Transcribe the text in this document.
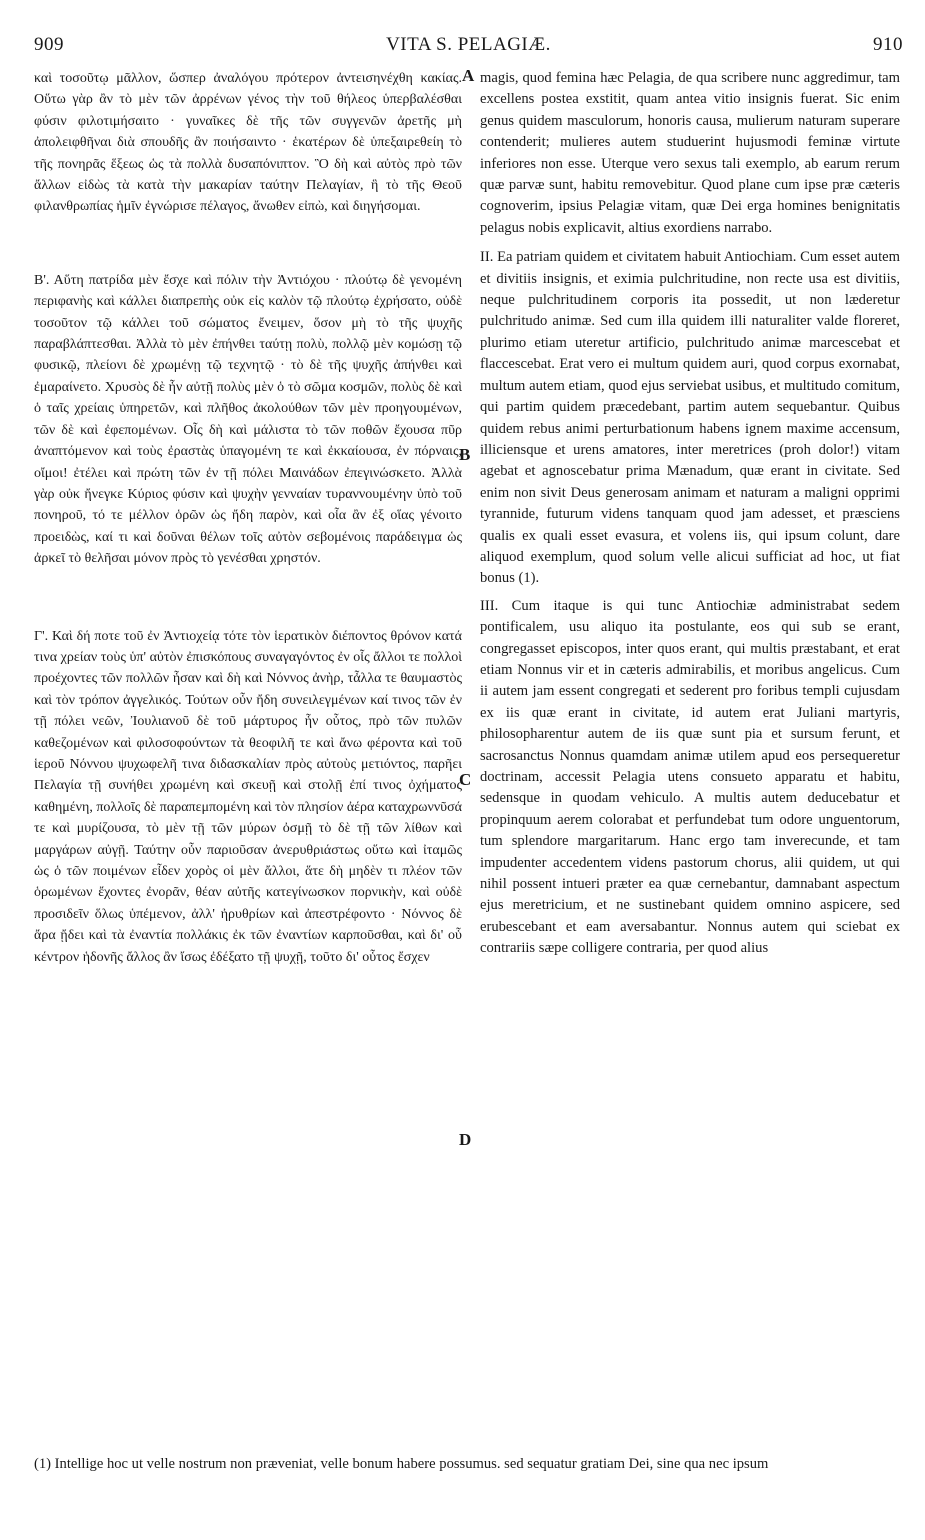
909	VITA S. PELAGIÆ.	910

καὶ τοσοῦτῳ μᾶλλον, ὥσπερ ἀναλόγου πρότερον ἀντεισηνέχθη κακίας. Οὕτω γὰρ ἂν τὸ μὲν τῶν ἀρρένων γένος τὴν τοῦ θήλεος ὑπερβαλέσθαι φύσιν φιλοτιμήσαιτο · γυναῖκες δὲ τῆς τῶν συγγενῶν ἀρετῆς μὴ ἀπολειφθῆναι διὰ σπουδῆς ἂν ποιήσαιντο · ἑκατέρων δὲ ὑπεξαιρεθείη τὸ τῆς πονηρᾶς ἕξεως ὡς τὰ πολλὰ δυσαπόνιπτον. Ὃ δὴ καὶ αὐτὸς πρὸ τῶν ἄλλων εἰδὼς τὰ κατὰ τὴν μακαρίαν ταύτην Πελαγίαν, ἣ τὸ τῆς Θεοῦ φιλανθρωπίας ἡμῖν ἐγνώρισε πέλαγος, ἄνωθεν εἰπὼ, καὶ διηγήσομαι.

Β'. Αὕτη πατρίδα μὲν ἔσχε καὶ πόλιν τὴν Ἀντιόχου · πλούτῳ δὲ γενομένη περιφανὴς καὶ κάλλει διαπρεπὴς οὐκ εἰς καλὸν τῷ πλούτῳ ἐχρήσατο, οὐδὲ τοσοῦτον τῷ κάλλει τοῦ σώματος ἔνειμεν, ὅσον μὴ τὸ τῆς ψυχῆς παραβλάπτεσθαι. Ἀλλὰ τὸ μὲν ἐπήνθει ταύτῃ πολὺ, πολλῷ μὲν κομώσῃ τῷ φυσικῷ, πλείονι δὲ χρωμένῃ τῷ τεχνητῷ · τὸ δὲ τῆς ψυχῆς ἀπήνθει καὶ ἐμαραίνετο. Χρυσὸς δὲ ἦν αὐτῇ πολὺς μὲν ὁ τὸ σῶμα κοσμῶν, πολὺς δὲ καὶ ὁ ταῖς χρείαις ὑπηρετῶν, καὶ πλῆθος ἀκολούθων τῶν μὲν προηγουμένων, τῶν δὲ καὶ ἐφεπομένων. Οἷς δὴ καὶ μάλιστα τὸ τῶν ποθῶν ἔχουσα πῦρ ἀναπτόμενον καὶ τοὺς ἐραστὰς ὑπαγομένη τε καὶ ἐκκαίουσα, ἐν πόρναις, οἴμοι! ἐτέλει καὶ πρώτη τῶν ἐν τῇ πόλει Μαινάδων ἐπεγινώσκετο. Ἀλλὰ γὰρ οὐκ ἤνεγκε Κύριος φύσιν καὶ ψυχὴν γενναίαν τυραννουμένην ὑπὸ τοῦ πονηροῦ, τό τε μέλλον ὁρῶν ὡς ἤδη παρὸν, καὶ οἷα ἂν ἐξ οἵας γένοιτο προειδὼς, καί τι καὶ δοῦναι θέλων τοῖς αὐτὸν σεβομένοις παράδειγμα ὡς ἀρκεῖ τὸ θελῆσαι μόνον πρὸς τὸ γενέσθαι χρηστόν.

Γ'. Καὶ δή ποτε τοῦ ἐν Ἀντιοχείᾳ τότε τὸν ἱερατικὸν διέποντος θρόνον κατά τινα χρείαν τοὺς ὑπ' αὐτὸν ἐπισκόπους συναγαγόντος ἐν οἷς ἄλλοι τε πολλοὶ προέχοντες τῶν πολλῶν ἦσαν καὶ δὴ καὶ Νόννος ἀνὴρ, τἆλλα τε θαυμαστὸς καὶ τὸν τρόπον ἀγγελικός. Τούτων οὖν ἤδη συνειλεγμένων καί τινος τῶν ἐν τῇ πόλει νεῶν, Ἰουλιανοῦ δὲ τοῦ μάρτυρος ἦν οὗτος, πρὸ τῶν πυλῶν καθεζομένων καὶ φιλοσοφούντων τὰ θεοφιλῆ τε καὶ ἄνω φέροντα καὶ τοῦ ἱεροῦ Νόννου ψυχωφελῆ τινα διδασκαλίαν πρὸς αὐτοὺς μετιόντος, παρῆει Πελαγία τῇ συνήθει χρωμένη καὶ σκευῇ καὶ στολῇ ἐπί τινος ὀχήματος καθημένη, πολλοῖς δὲ παραπεμπομένη καὶ τὸν πλησίον ἀέρα καταχρωννῦσά τε καὶ μυρίζουσα, τὸ μὲν τῇ τῶν μύρων ὀσμῇ τὸ δὲ τῇ τῶν λίθων καὶ μαργάρων αὐγῇ. Ταύτην οὖν παριοῦσαν ἀνερυθριάστως οὕτω καὶ ἰταμῶς ὡς ὁ τῶν ποιμένων εἶδεν χορὸς οἱ μὲν ἄλλοι, ἅτε δὴ μηδὲν τι πλέον τῶν ὁρωμένων ἔχοντες ἐνορᾶν, θέαν αὐτῆς κατεγίνωσκον πορνικὴν, καὶ οὐδὲ προσιδεῖν ὅλως ὑπέμενον, ἀλλ' ἠρυθρίων καὶ ἀπεστρέφοντο · Νόννος δὲ ἄρα ᾔδει καὶ τὰ ἐναντία πολλάκις ἐκ τῶν ἐναντίων καρποῦσθαι, καὶ δι' οὗ κέντρον ἡδονῆς ἄλλος ἂν ἴσως ἐδέξατο τῇ ψυχῇ, τοῦτο δι' οὗτος ἔσχεν

magis, quod femina hæc Pelagia, de qua scribere nunc aggredimur, tam excellens postea exstitit, quam antea vitio insignis fuerat. Sic enim genus quidem masculorum, honoris causa, mulierum naturam superare contenderit; mulieres autem studuerint hujusmodi feminæ virtute inferiores non esse. Uterque vero sexus tali exemplo, ab earum rerum quæ parvæ sunt, habitu removebitur. Quod plane cum ipse præ cæteris cognoverim, ipsius Pelagiæ vitam, quæ Dei erga homines benignitatis pelagus nobis explicavit, altius exordiens narrabo.

II. Ea patriam quidem et civitatem habuit Antiochiam. Cum esset autem et divitiis insignis, et eximia pulchritudine, non recte usa est divitiis, neque pulchritudinem corporis ita possedit, ut non læderetur pulchritudo animæ. Sed cum illa quidem illi naturaliter valde floreret, plurimo etiam uteretur artificio, pulchritudo animæ marcescebat et flaccescebat. Erat vero ei multum quidem auri, quod corpus exornabat, multum autem etiam, quod ejus serviebat usibus, et multitudo comitum, qui partim quidem præcedebant, partim autem sequebantur. Quibus quidem rebus animi perturbationum habens ignem maxime accensum, illiciensque et urens amatores, inter meretrices (proh dolor!) vitam agebat et agnoscebatur prima Mænadum, quæ erant in civitate. Sed enim non sivit Deus generosam animam et naturam a maligni opprimi tyrannide, futurum videns tanquam quod jam adesset, et præsciens qualis ex quali esset evasura, et volens iis, qui ipsum colunt, dare aliquod exemplum, quod solum velle alicui sufficiat ad hoc, ut fiat bonus (1).

III. Cum itaque is qui tunc Antiochiæ administrabat sedem pontificalem, usu aliquo ita postulante, eos qui sub se erant, congregasset episcopos, inter quos erant, qui multis præstabant, et erat etiam Nonnus vir et in cæteris admirabilis, et moribus angelicus. Cum ii autem jam essent congregati et sederent pro foribus templi cujusdam ex iis quæ erant in civitate, id autem erat Juliani martyris, philosopharentur autem de iis quæ sunt pia et sursum ferunt, et sacrosanctus Nonnus quamdam animæ utilem apud eos persequeretur doctrinam, accessit Pelagia utens consueto apparatu et habitu, sedensque in quodam vehiculo. A multis autem deducebatur et propinquum aerem colorabat et perfundebat tum odore unguentorum, tum splendore margaritarum. Hanc ergo tam inverecunde, et tam impudenter accedentem videns pastorum chorus, alii quidem, ut qui nihil possent intueri præter ea quæ cernebantur, damnabant aspectum ejus meretricium, et ne sustinebant quidem omnino aspicere, sed erubescebant et eam aversabantur. Nonnus autem qui sciebat ex contrariis sæpe colligere contraria, per quod alius

A
B
C
D
(1) Intellige hoc ut velle nostrum non præveniat, velle bonum habere possumus. sed sequatur gratiam Dei, sine qua nec ipsum
